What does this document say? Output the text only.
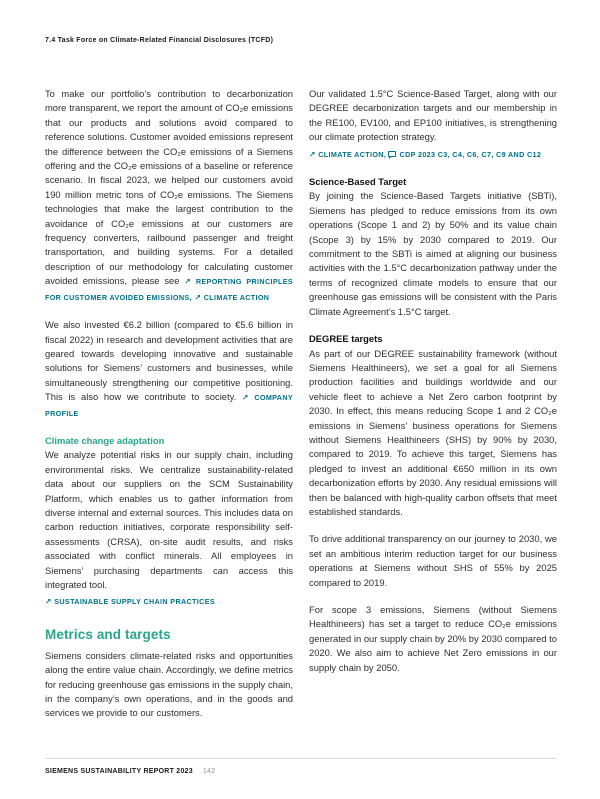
7.4 Task Force on Climate-Related Financial Disclosures (TCFD)

To make our portfolio’s contribution to decarbonization more transparent, we report the amount of CO₂e emissions that our products and solutions avoid compared to reference solutions. Customer avoided emissions represent the difference between the CO₂e emissions of a Siemens offering and the CO₂e emissions of a baseline or reference scenario. In fiscal 2023, we helped our customers avoid 190 million metric tons of CO₂e emissions. The Siemens technologies that make the largest contribution to the avoidance of CO₂e emissions at our customers are frequency converters, railbound passenger and freight transportation, and building systems. For a detailed description of our methodology for calculating customer avoided emissions, please see ↗ REPORTING PRINCIPLES FOR CUSTOMER AVOIDED EMISSIONS, ↗ CLIMATE ACTION

We also invested €6.2 billion (compared to €5.6 billion in fiscal 2022) in research and development activities that are geared towards developing innovative and sustainable solutions for Siemens’ customers and businesses, while simultaneously strengthening our competitive positioning. This is also how we contribute to society. ↗ COMPANY PROFILE

Climate change adaptation

We analyze potential risks in our supply chain, including environmental risks. We centralize sustainability-related data about our suppliers on the SCM Sustainability Platform, which enables us to gather information from diverse internal and external sources. This includes data on carbon reduction initiatives, corporate responsibility self-assessments (CRSA), on-site audit results, and risks associated with conflict minerals. All employees in Siemens’ purchasing departments can access this integrated tool.

↗ SUSTAINABLE SUPPLY CHAIN PRACTICES

Metrics and targets

Siemens considers climate-related risks and opportunities along the entire value chain. Accordingly, we define metrics for reducing greenhouse gas emissions in the supply chain, in the company’s own operations, and in the goods and services we provide to our customers.

Our validated 1.5°C Science-Based Target, along with our DEGREE decarbonization targets and our membership in the RE100, EV100, and EP100 initiatives, is strengthening our climate protection strategy.

↗ CLIMATE ACTION, CDP 2023 C3, C4, C6, C7, C9 AND C12

Science-Based Target

By joining the Science-Based Targets initiative (SBTi), Siemens has pledged to reduce emissions from its own operations (Scope 1 and 2) by 50% and its value chain (Scope 3) by 15% by 2030 compared to 2019. Our commitment to the SBTi is aimed at aligning our business activities with the 1.5°C decarbonization pathway under the terms of recognized climate models to ensure that our greenhouse gas emissions will be consistent with the Paris Climate Agreement’s 1.5°C target.

DEGREE targets

As part of our DEGREE sustainability framework (without Siemens Healthineers), we set a goal for all Siemens production facilities and buildings worldwide and our vehicle fleet to achieve a Net Zero carbon footprint by 2030. In effect, this means reducing Scope 1 and 2 CO₂e emissions in Siemens’ business operations for Siemens without Siemens Healthineers (SHS) by 90% by 2030, compared to 2019. To achieve this target, Siemens has pledged to invest an additional €650 million in its own decarbonization efforts by 2030. Any residual emissions will then be balanced with high-quality carbon offsets that meet established standards.

To drive additional transparency on our journey to 2030, we set an ambitious interim reduction target for our business operations at Siemens without SHS of 55% by 2025 compared to 2019.

For scope 3 emissions, Siemens (without Siemens Healthineers) has set a target to reduce CO₂e emissions generated in our supply chain by 20% by 2030 compared to 2020. We also aim to achieve Net Zero emissions in our supply chain by 2050.

SIEMENS SUSTAINABILITY REPORT 2023 142
